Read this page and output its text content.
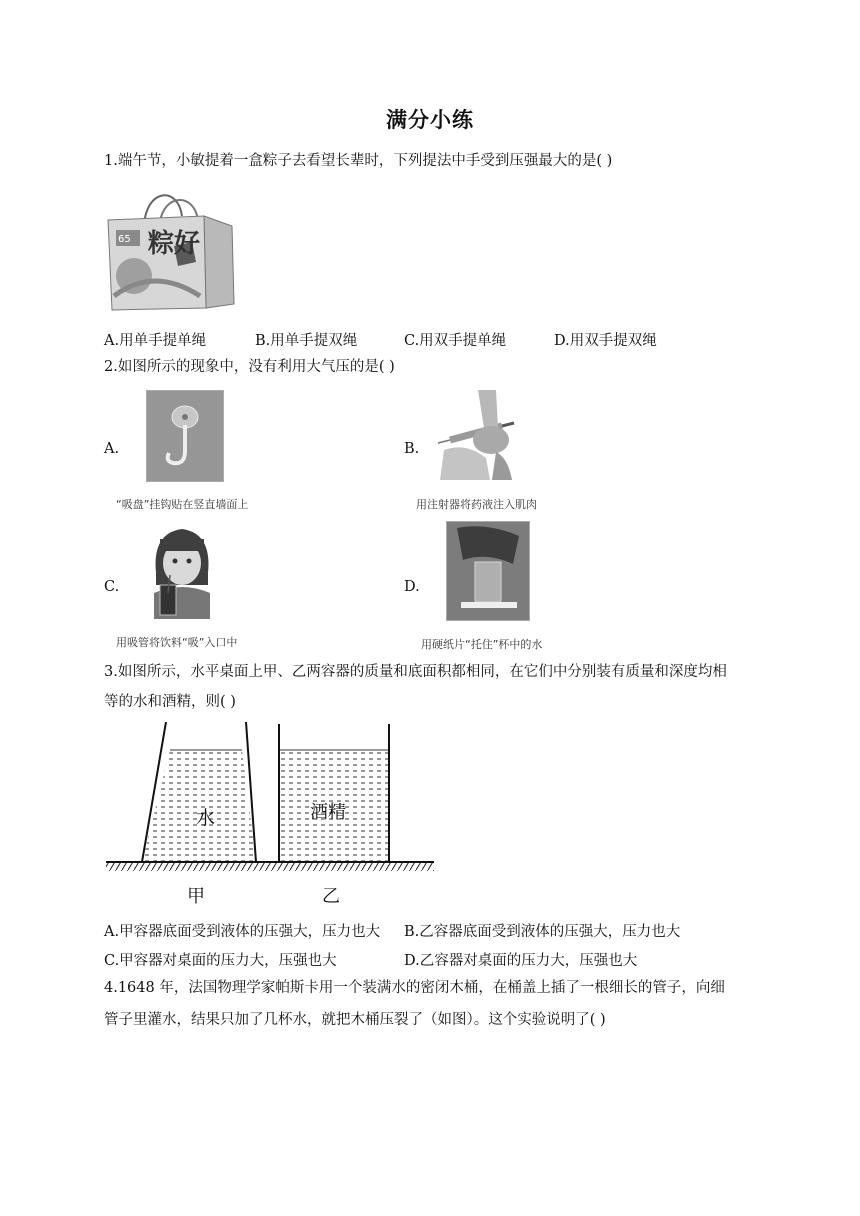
满分小练
1.端午节，小敏提着一盒粽子去看望长辈时，下列提法中手受到压强最大的是( )
65 粽好
A.用单手提单绳	B.用单手提双绳	C.用双手提单绳	D.用双手提双绳
2.如图所示的现象中，没有利用大气压的是( )
A.
“吸盘”挂钩贴在竖直墙面上
B.
用注射器将药液注入肌肉
C.
用吸管将饮料“吸”入口中
D.
用硬纸片“托住”杯中的水
3.如图所示，水平桌面上甲、乙两容器的质量和底面积都相同，在它们中分别装有质量和深度均相
等的水和酒精，则( )
水	酒精
甲	乙
A.甲容器底面受到液体的压强大，压力也大 B.乙容器底面受到液体的压强大，压力也大
C.甲容器对桌面的压力大，压强也大	D.乙容器对桌面的压力大，压强也大
4.1648 年，法国物理学家帕斯卡用一个装满水的密闭木桶，在桶盖上插了一根细长的管子，向细
管子里灌水，结果只加了几杯水，就把木桶压裂了（如图）。这个实验说明了( )
